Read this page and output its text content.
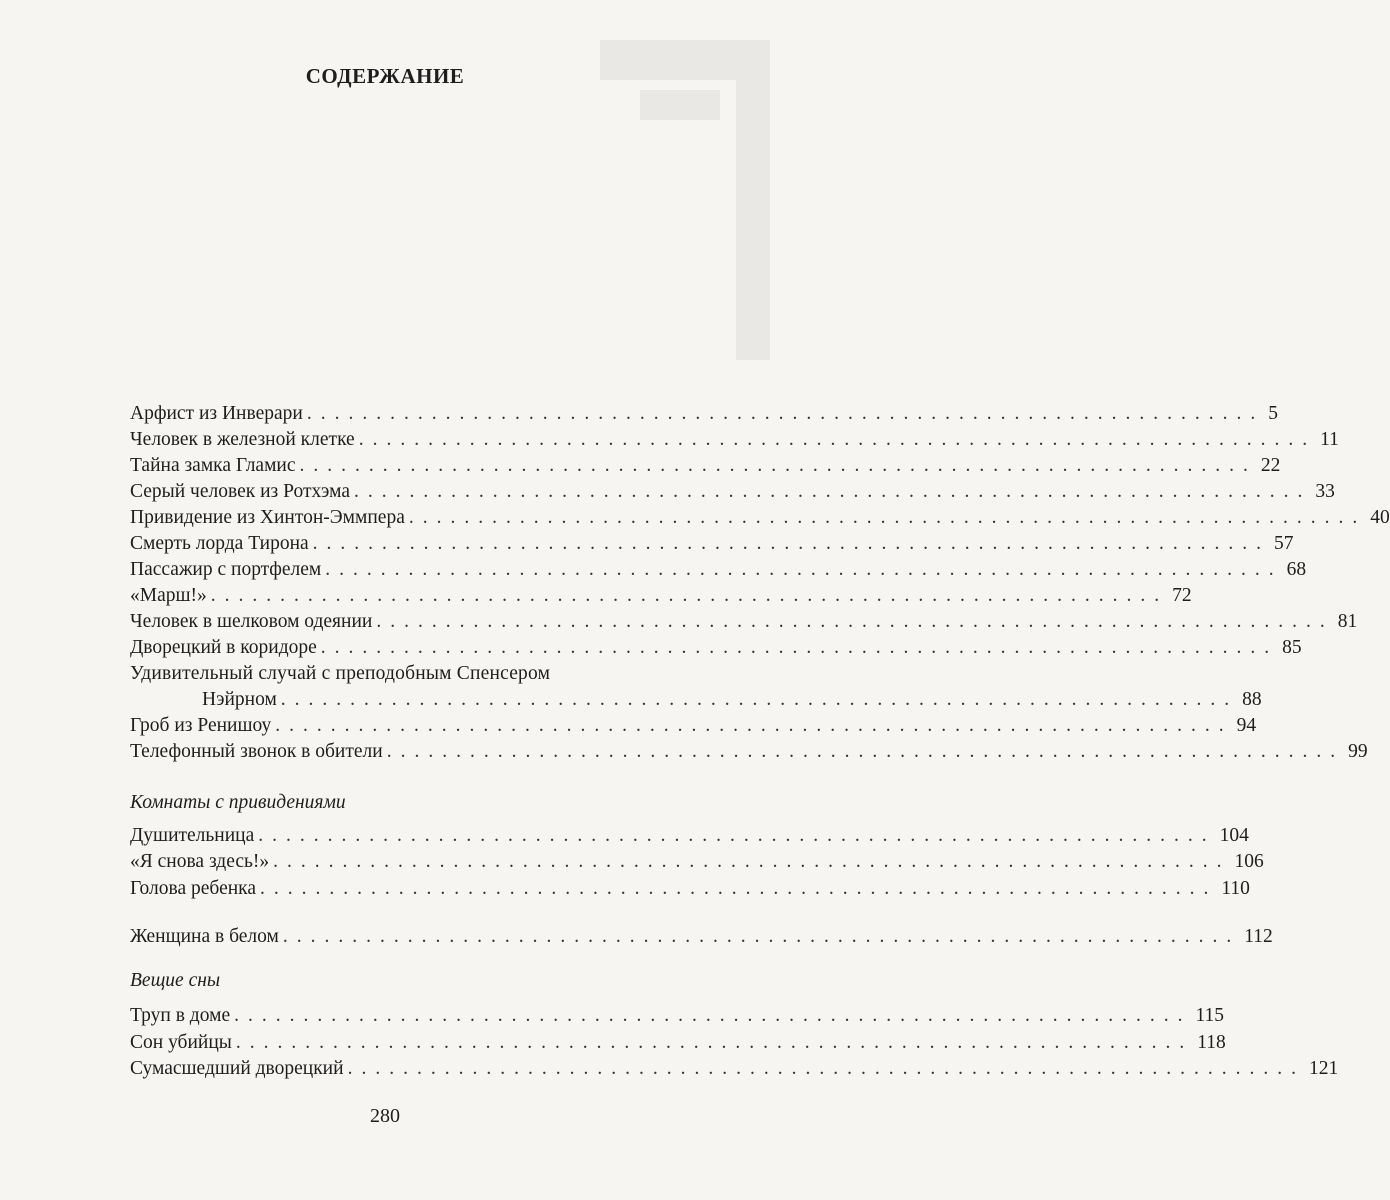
СОДЕРЖАНИЕ
Арфист из Инверари ..................................................................... 5
Человек в железной клетке ..................................................................... 11
Тайна замка Гламис ..................................................................... 22
Серый человек из Ротхэма ..................................................................... 33
Привидение из Хинтон-Эммпера ..................................................................... 40
Смерть лорда Тирона ..................................................................... 57
Пассажир с портфелем ..................................................................... 68
«Марш!» ..................................................................... 72
Человек в шелковом одеянии ..................................................................... 81
Дворецкий в коридоре ..................................................................... 85
Удивительный случай с преподобным Спенсером
Нэйрном ..................................................................... 88
Гроб из Ренишоу ..................................................................... 94
Телефонный звонок в обители ..................................................................... 99
Комнаты с привидениями
Душительница ..................................................................... 104
«Я снова здесь!» ..................................................................... 106
Голова ребенка ..................................................................... 110
Женщина в белом ..................................................................... 112
Вещие сны
Труп в доме ..................................................................... 115
Сон убийцы ..................................................................... 118
Сумасшедший дворецкий ..................................................................... 121
280
